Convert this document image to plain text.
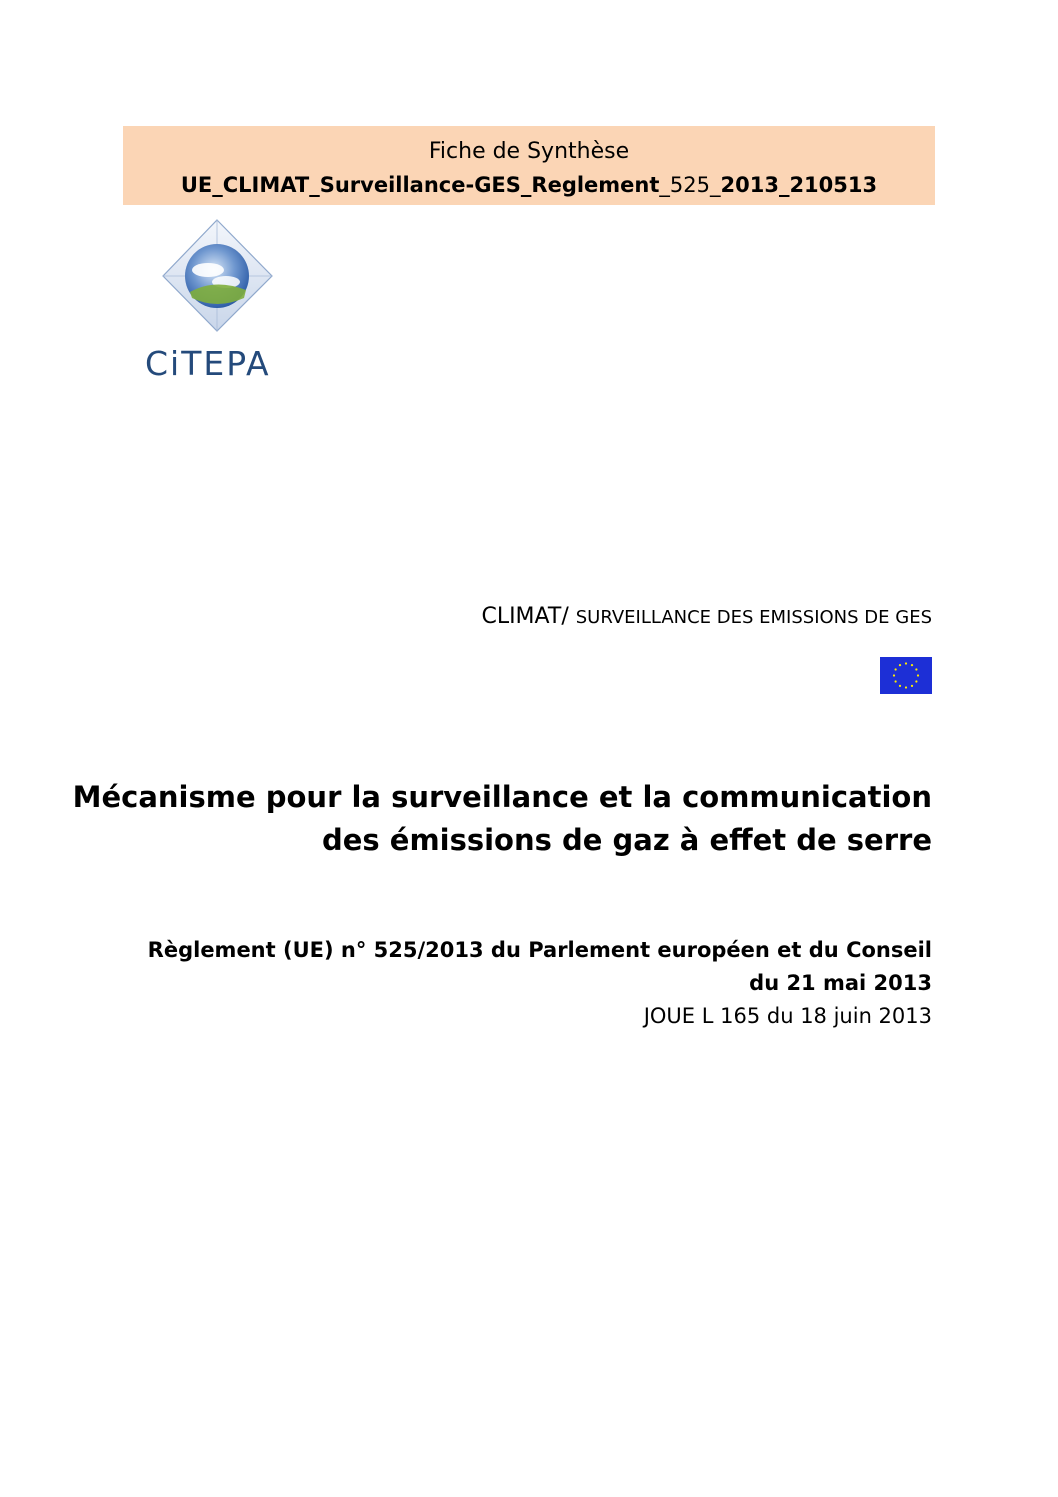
Fiche de Synthèse
UE_CLIMAT_Surveillance-GES_Reglement_525_2013_210513
CiTEPA
CLIMAT/ SURVEILLANCE DES EMISSIONS DE GES
Mécanisme pour la surveillance et la communication
des émissions de gaz à effet de serre
Règlement (UE) n° 525/2013 du Parlement européen et du Conseil
du 21 mai 2013
JOUE L 165 du 18 juin 2013
